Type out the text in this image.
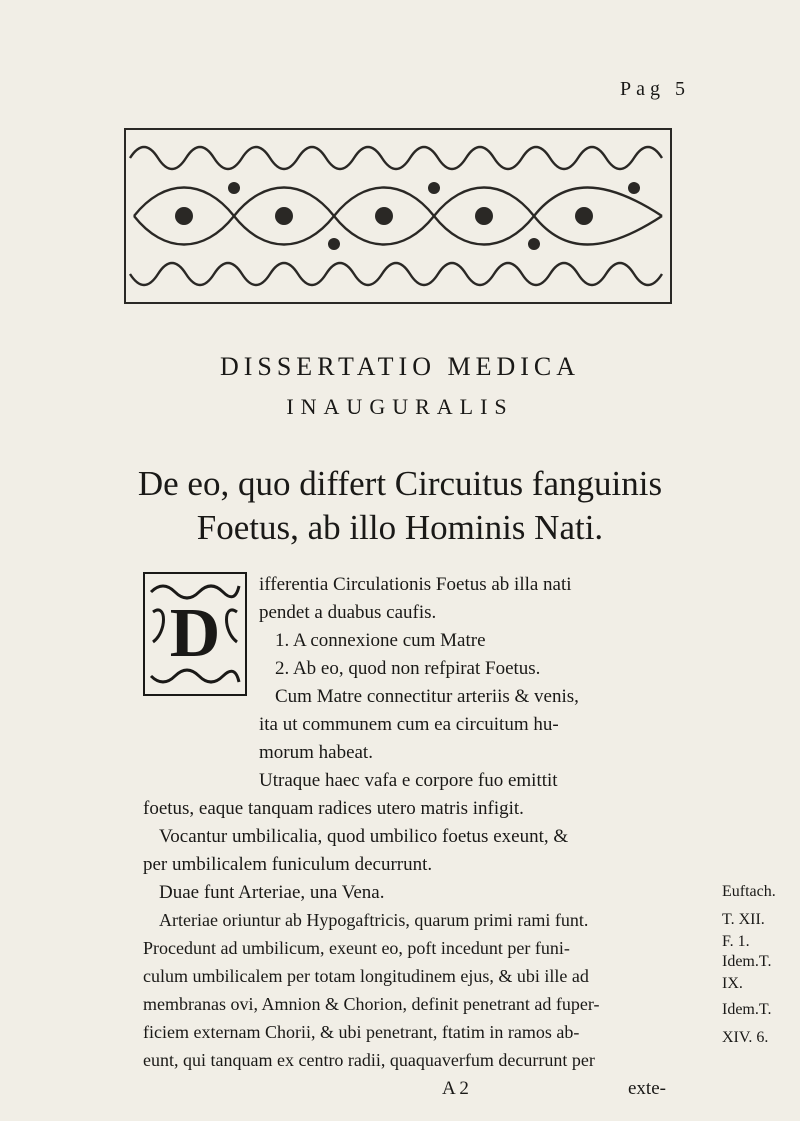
Pag 5
DISSERTATIO MEDICA
INAUGURALIS
De eo, quo differt Circuitus fanguinis
Foetus, ab illo Hominis Nati.
D
ifferentia Circulationis Foetus ab illa nati
pendet a duabus caufis.
1. A connexione cum Matre
2. Ab eo, quod non refpirat Foetus.
Cum Matre connectitur arteriis & venis,
ita ut communem cum ea circuitum hu-
morum habeat.
Utraque haec vafa e corpore fuo emittit
foetus, eaque tanquam radices utero matris infigit.
Vocantur umbilicalia, quod umbilico foetus exeunt, &
per umbilicalem funiculum decurrunt.
Duae funt Arteriae, una Vena.
Arteriae oriuntur ab Hypogaftricis, quarum primi rami funt.
Procedunt ad umbilicum, exeunt eo, poft incedunt per funi-
culum umbilicalem per totam longitudinem ejus, & ubi ille ad
membranas ovi, Amnion & Chorion, definit penetrant ad fuper-
ficiem externam Chorii, & ubi penetrant, ftatim in ramos ab-
eunt, qui tanquam ex centro radii, quaquaverfum decurrunt per
Euftach.
T. XII.
F. 1.
Idem.T.
IX.
Idem.T.
XIV. 6.
A 2	exte-
